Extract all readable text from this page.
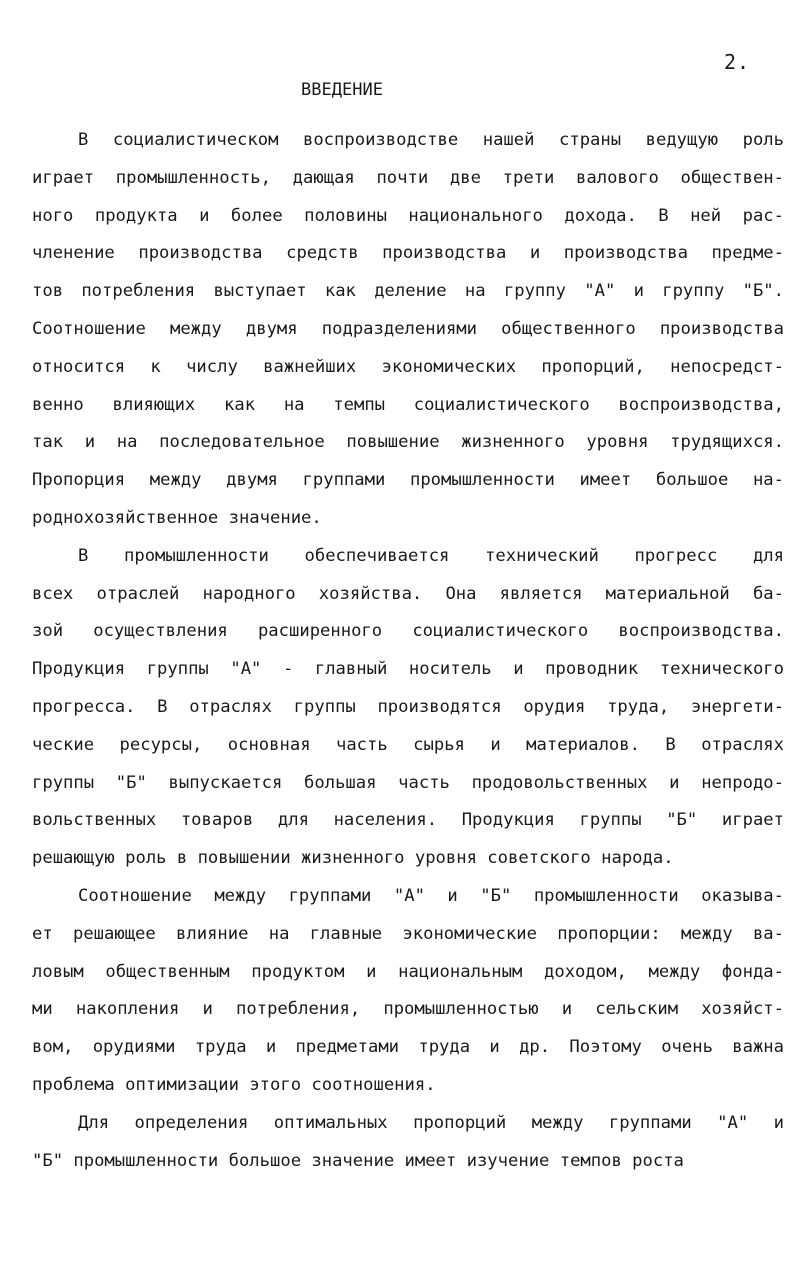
2.
ВВЕДЕНИЕ
В социалистическом воспроизводстве нашей страны ведущую роль
играет промышленность, дающая почти две трети валового обществен-
ного продукта и более половины национального дохода. В ней рас-
членение производства средств производства и производства предме-
тов потребления выступает как деление на группу "А" и группу "Б".
Соотношение между двумя подразделениями общественного производства
относится к числу важнейших экономических пропорций, непосредст-
венно влияющих как на темпы социалистического воспроизводства,
так и на последовательное повышение жизненного уровня трудящихся.
Пропорция между двумя группами промышленности имеет большое на-
роднохозяйственное значение.
В промышленности обеспечивается технический прогресс для
всех отраслей народного хозяйства. Она является материальной ба-
зой осуществления расширенного социалистического воспроизводства.
Продукция группы "А" - главный носитель и проводник технического
прогресса. В отраслях группы производятся орудия труда, энергети-
ческие ресурсы, основная часть сырья и материалов. В отраслях
группы "Б" выпускается большая часть продовольственных и непродо-
вольственных товаров для населения. Продукция группы "Б" играет
решающую роль в повышении жизненного уровня советского народа.
Соотношение между группами "А" и "Б" промышленности оказыва-
ет решающее влияние на главные экономические пропорции: между ва-
ловым общественным продуктом и национальным доходом, между фонда-
ми накопления и потребления, промышленностью и сельским хозяйст-
вом, орудиями труда и предметами труда и др. Поэтому очень важна
проблема оптимизации этого соотношения.
Для определения оптимальных пропорций между группами "А" и
"Б" промышленности большое значение имеет изучение темпов роста
